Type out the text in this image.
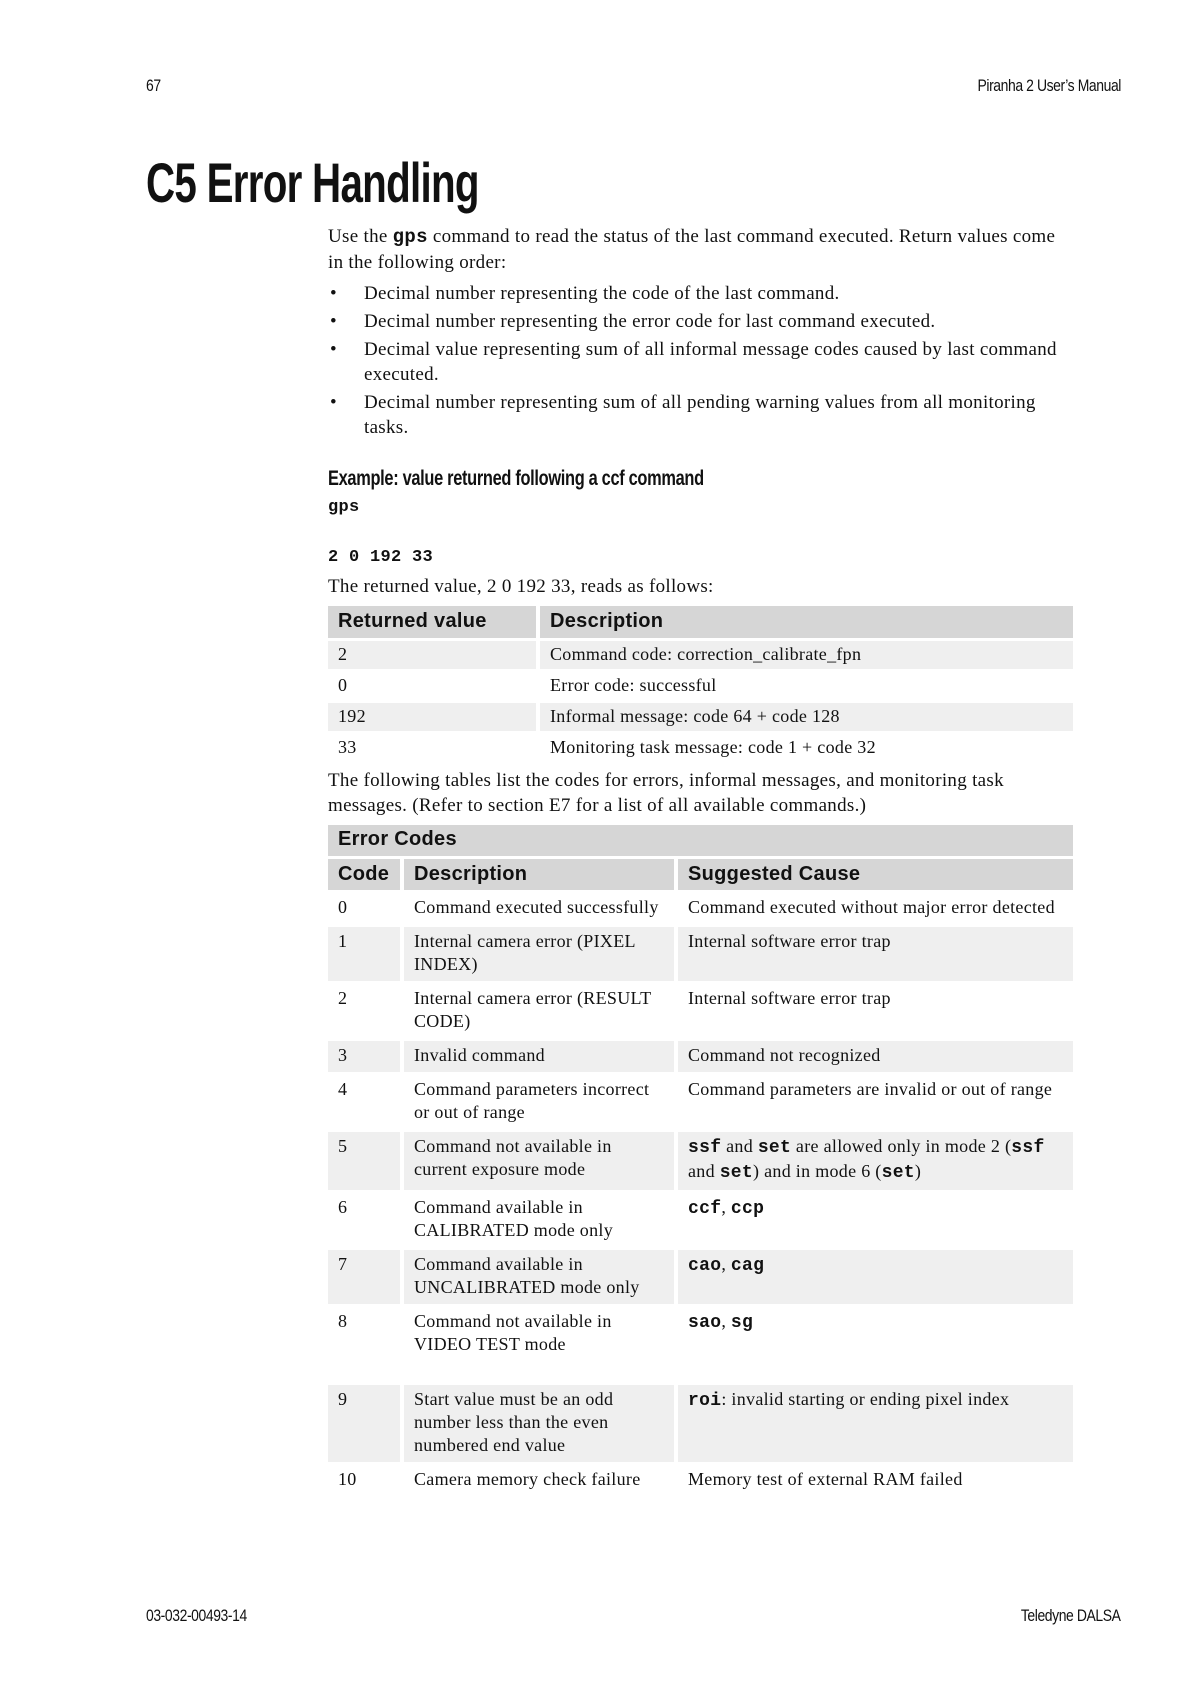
67	Piranha 2 User’s Manual
C5 Error Handling

Use the gps command to read the status of the last command executed. Return values come in the following order:

• Decimal number representing the code of the last command.
• Decimal number representing the error code for last command executed.
• Decimal value representing sum of all informal message codes caused by last command executed.
• Decimal number representing sum of all pending warning values from all monitoring tasks.

Example: value returned following a ccf command

gps

2 0 192 33

The returned value, 2 0 192 33, reads as follows:

Returned value	Description
2	Command code: correction_calibrate_fpn
0	Error code: successful
192	Informal message: code 64 + code 128
33	Monitoring task message: code 1 + code 32

The following tables list the codes for errors, informal messages, and monitoring task messages. (Refer to section E7 for a list of all available commands.)

Error Codes		
Code	Description	Suggested Cause
0	Command executed successfully	Command executed without major error detected
1	Internal camera error (PIXEL INDEX)	Internal software error trap
2	Internal camera error (RESULT CODE)	Internal software error trap
3	Invalid command	Command not recognized
4	Command parameters incorrect or out of range	Command parameters are invalid or out of range
5	Command not available in current exposure mode	ssf and set are allowed only in mode 2 (ssf and set) and in mode 6 (set)
6	Command available in CALIBRATED mode only	ccf, ccp
7	Command available in UNCALIBRATED mode only	cao, cag
8	Command not available in VIDEO TEST mode	sao, sg
9	Start value must be an odd number less than the even numbered end value	roi: invalid starting or ending pixel index
10	Camera memory check failure	Memory test of external RAM failed
03-032-00493-14	Teledyne DALSA
